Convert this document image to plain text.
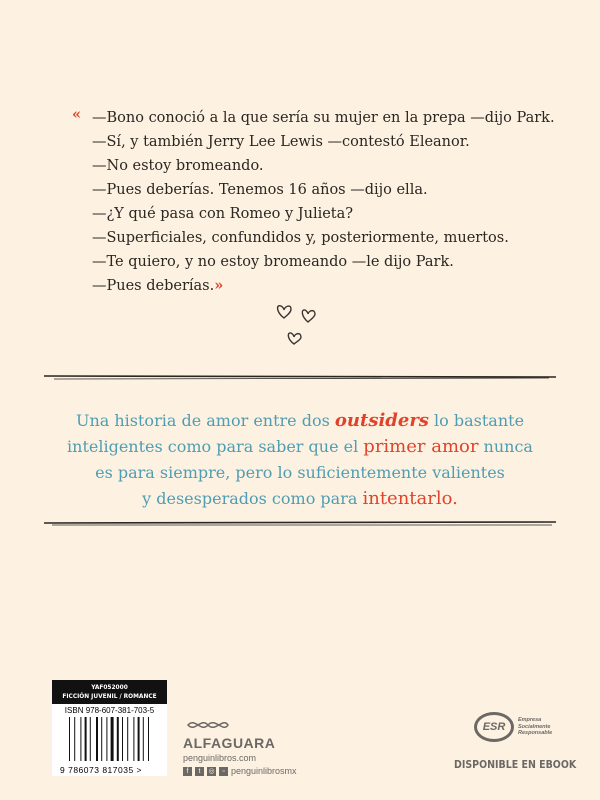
« —Bono conoció a la que sería su mujer en la prepa —dijo Park.
—Sí, y también Jerry Lee Lewis —contestó Eleanor.
—No estoy bromeando.
—Pues deberías. Tenemos 16 años —dijo ella.
—¿Y qué pasa con Romeo y Julieta?
—Superficiales, confundidos y, posteriormente, muertos.
—Te quiero, y no estoy bromeando —le dijo Park.
—Pues deberías.»
Una historia de amor entre dos outsiders lo bastante
inteligentes como para saber que el primer amor nunca
es para siempre, pero lo suficientemente valientes
y desesperados como para intentarlo.
YAF052000
FICCIÓN JUVENIL / ROMANCE
ISBN 978-607-381-703-5
9 786073 817035 >
ALFAGUARA
penguinlibros.com
f	t	◎	▫ penguinlibrosmx
ESR
Empresa
Socialmente
Responsable
DISPONIBLE EN EBOOK
